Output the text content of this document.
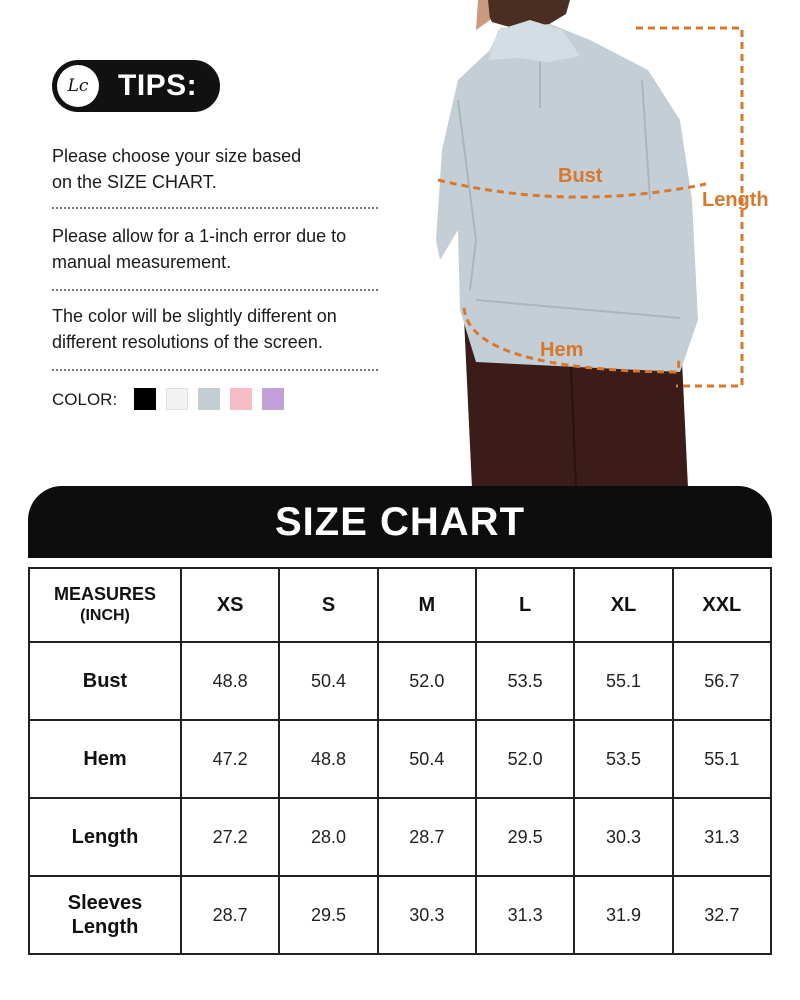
Lc TIPS:
Please choose your size based
on the SIZE CHART.
Please allow for a 1-inch error due to
manual measurement.
The color will be slightly different on
different resolutions of the screen.
COLOR:
Bust
Hem
Length
SIZE CHART
MEASURES
(INCH)	XS	S	M	L	XL	XXL

Bust	48.8	50.4	52.0	53.5	55.1	56.7

Hem	47.2	48.8	50.4	52.0	53.5	55.1

Length	27.2	28.0	28.7	29.5	30.3	31.3

Sleeves
Length	28.7	29.5	30.3	31.3	31.9	32.7
